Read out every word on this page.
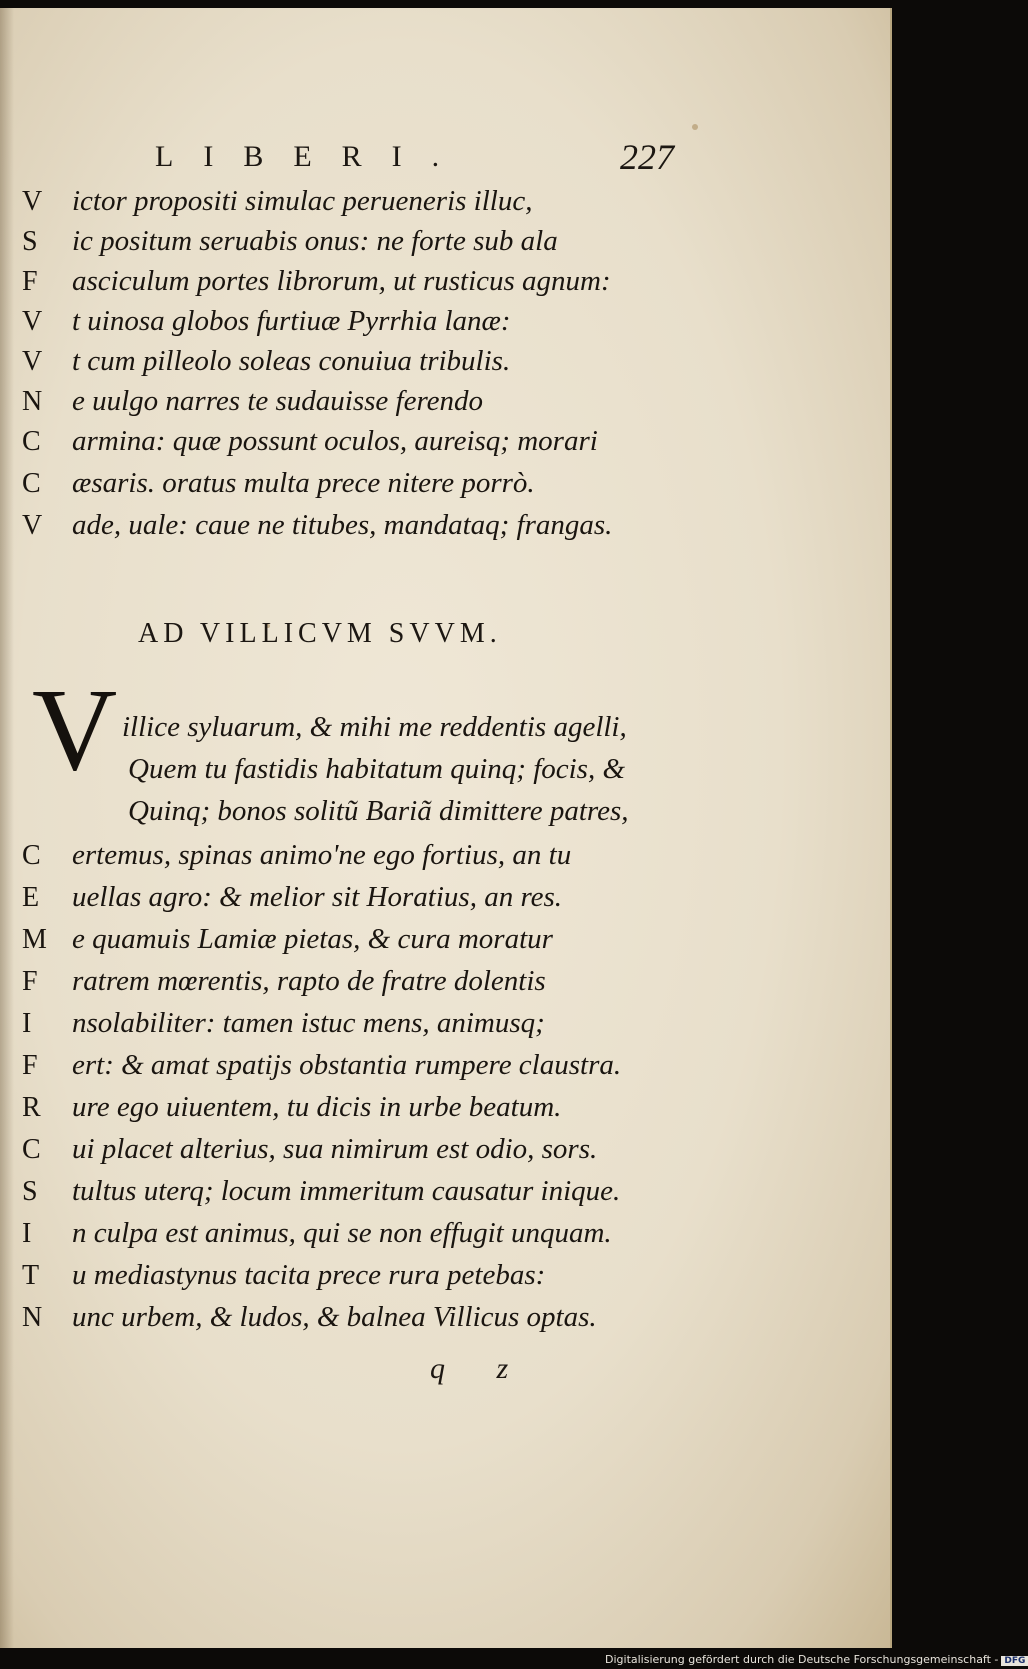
LIBERI.	227
V ictor propositi simulac perueneris illuc,
S ic positum seruabis onus: ne forte sub ala
F asciculum portes librorum, ut rusticus agnum:
V t uinosa globos furtiuæ Pyrrhia lanæ:
V t cum pilleolo soleas conuiua tribulis.
N e uulgo narres te sudauisse ferendo
C armina: quæ possunt oculos, aureisq; morari
C æsaris. oratus multa prece nitere porrò.
V ade, uale: caue ne titubes, mandataq; frangas.
AD VILLICVM SVVM.
V illice syluarum, & mihi me reddentis agelli,
Quem tu fastidis habitatum quinq; focis, &
Quinq; bonos solitũ Bariã dimittere patres,
C ertemus, spinas animo'ne ego fortius, an tu
E uellas agro: & melior sit Horatius, an res.
M e quamuis Lamiæ pietas, & cura moratur
F ratrem mœrentis, rapto de fratre dolentis
I nsolabiliter: tamen istuc mens, animusq;
F ert: & amat spatijs obstantia rumpere claustra.
R ure ego uiuentem, tu dicis in urbe beatum.
C ui placet alterius, sua nimirum est odio, sors.
S tultus uterq; locum immeritum causatur inique.
I n culpa est animus, qui se non effugit unquam.
T u mediastynus tacita prece rura petebas:
N unc urbem, & ludos, & balnea Villicus optas.
q z
Digitalisierung gefördert durch die Deutsche Forschungsgemeinschaft - DFG
